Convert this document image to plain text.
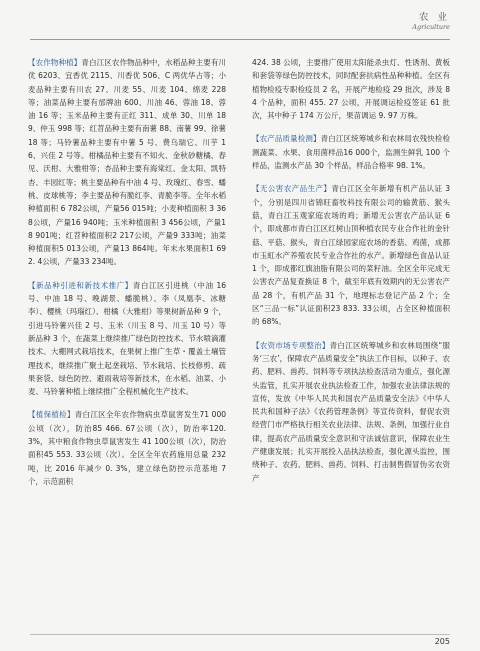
农 业
Agriculture

【农作物种植】青白江区农作物品种中，水稻品种主要有川优 6203、宜香优 2115、川香优 506、C 两优华占等；小麦品种主要有川农 27、川麦 55、川麦 104、绵麦 228 等；油菜品种主要有邡牌油 600、川油 46、蓉油 18、蓉油 16 等；玉米品种主要有正红 311、成单 30、川单 189、仲玉 998 等；红苕品种主要有南薯 88、南薯 99、徐薯 18 等；马铃薯品种主要有中薯 5 号、费乌瑞它、川芋 16、兴佳 2 号等。柑橘品种主要有不知火、金秋砂糖橘、春见、沃柑、大雅柑等；杏品种主要有海棠红、金太阳、凯特杏、丰园红等；桃主要品种有中油 4 号、玫瑰红、春雪、蟠桃、皮球桃等；李主要品种有脆红李、青脆李等。全年水稻种植面积 6 782公顷，产量56 015吨；小麦种植面积 3 368公顷，产量16 940吨；玉米种植面积 3 456公顷，产量18 901吨；红苕种植面积2 217公顷，产量9 333吨；油菜种植面积5 013公顷，产量13 864吨。年末水果面积1 692. 4公顷，产量33 234吨。

【新品种引进和新技术推广】青白江区引进桃（中油 16 号、中油 18 号、晚湖景、蟠脆桃）、李（凤凰李、冰糖李）、樱桃（玛瑙红）、柑橘（大雅柑）等果树新品种 9 个，引进马铃薯兴佳 2 号、玉米（川玉 8 号、川玉 10 号）等新品种 3 个，在蔬菜上继续推广绿色防控技术、节水喷滴灌技术、大棚网式栽培技术，在果树上推广生草・覆盖土壤管理技术，继续推广聚土起垄栽培、节水栽培、长枝修剪、疏果套袋、绿色防控、避雨栽培等新技术，在水稻、油菜、小麦、马铃薯种植上继续推广全程机械化生产技术。

【植保植检】青白江区全年农作物病虫草鼠害发生71 000公顷（次），防治85 466. 67公顷（次），防治率120. 3%，其中粮食作物虫草鼠害发生 41 100公顷（次），防治面积45 553. 33公顷（次）。全区全年农药施用总量 232 吨，比 2016 年减少 0. 3%，建立绿色防控示范基地 7 个，示范面积

424. 38 公顷，主要推广使用太阳能杀虫灯、性诱剂、黄板和套袋等绿色防控技术，同时配套抗病性品种种植。全区有植物检疫专职检疫员 2 名，开展产地检疫 29 批次，涉及 84 个品种，面积 455. 27 公顷，开展调运检疫签证 61 批次，其中种子 174 万公斤，果苗调运 9. 97 万株。

【农产品质量检测】青白江区统筹城乡和农林局农残快检检测蔬菜、水果、食用菌样品16 000个，监测生鲜乳 100 个样品，监测水产品 30 个样品，样品合格率 98. 1%。

【无公害农产品生产】青白江区全年新增有机产品认证 3 个，分别是四川省锦旺畜牧科技有限公司的输黄筋、猴头菇，青白江玉观家庭农场的鸡；新增无公害农产品认证 6 个，即成都市青白江区红树山顶种植农民专业合作社的金针菇、平菇、猴头，青白江绿园家庭农场的香菇、鸡菌，成都市玉虹水产养殖农民专业合作社的水产。新增绿色食品认证 1 个，即成都红旗油脂有限公司的菜籽油。全区全年完成无公害农产品复查换证 8 个，截至年底有效期内的无公害农产品 28 个，有机产品 31 个，地理标志登记产品 2 个；全区“三品一标”认证面积23 833. 33公顷，占全区种植面积的 68%。

【农资市场专项整治】青白江区统筹城乡和农林局围绕“服务‘三农’，保障农产品质量安全”执法工作目标，以种子、农药、肥料、兽药、饲料等专项执法检查活动为重点，强化源头监管，扎实开展农业执法检查工作，加强农业法律法规的宣传，发放《中华人民共和国农产品质量安全法》《中华人民共和国种子法》《农药管理条例》等宣传资料，督促农资经营门市严格执行相关农业法律、法规、条例，加强行业自律，提高农产品质量安全意识和守法诚信意识，保障农业生产健康发展；扎实开展投入品执法检查，强化源头监控，围绕种子、农药、肥料、兽药、饲料、打击制售假冒伪劣农资产

205
